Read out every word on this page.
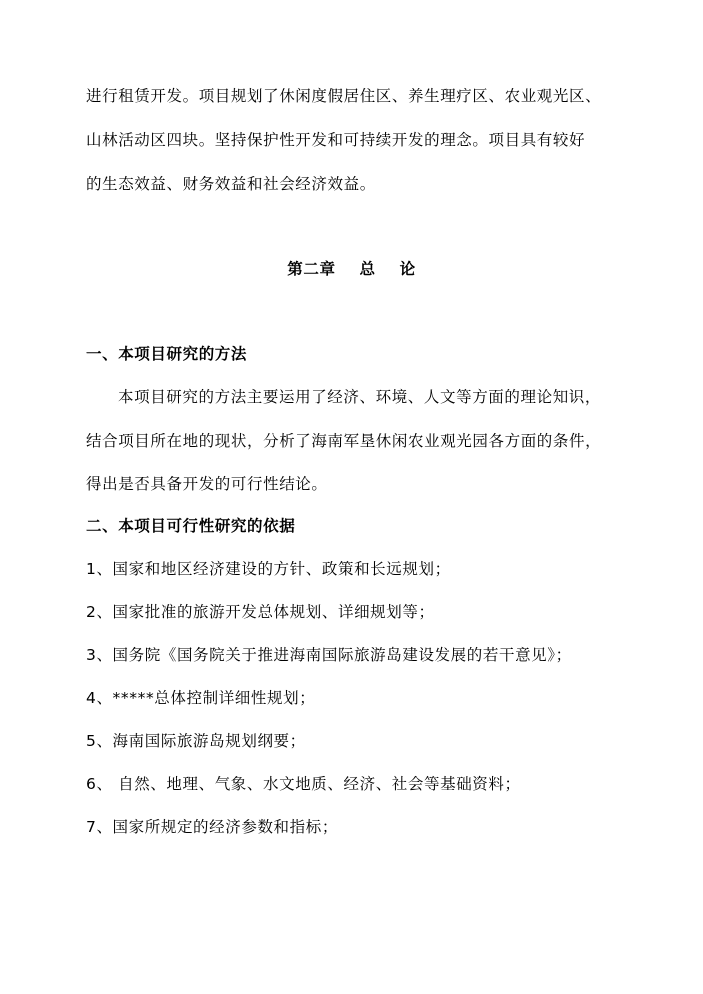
进行租赁开发。项目规划了休闲度假居住区、养生理疗区、农业观光区、
山林活动区四块。坚持保护性开发和可持续开发的理念。项目具有较好
的生态效益、财务效益和社会经济效益。
第二章    总    论
一、本项目研究的方法
本项目研究的方法主要运用了经济、环境、人文等方面的理论知识，
结合项目所在地的现状，分析了海南军垦休闲农业观光园各方面的条件，
得出是否具备开发的可行性结论。
二、本项目可行性研究的依据
1、国家和地区经济建设的方针、政策和长远规划；
2、国家批准的旅游开发总体规划、详细规划等；
3、国务院《国务院关于推进海南国际旅游岛建设发展的若干意见》；
4、*****总体控制详细性规划；
5、海南国际旅游岛规划纲要；
6、 自然、地理、气象、水文地质、经济、社会等基础资料；
7、国家所规定的经济参数和指标；
